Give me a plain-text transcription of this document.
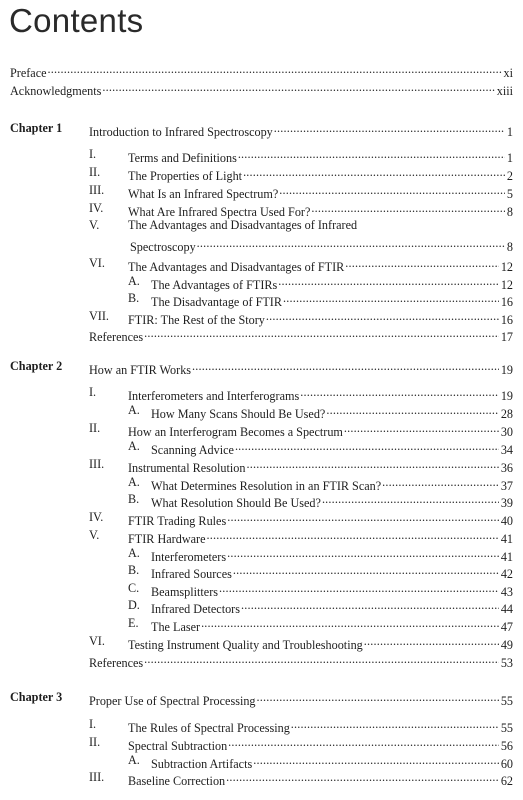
Contents
Preface .....	xi
Acknowledgments .....	xiii
Chapter 1 Introduction to Infrared Spectroscopy .....	1
I.	Terms and Definitions .....	1
II.	The Properties of Light .....	2
III.	What Is an Infrared Spectrum? .....	5
IV.	What Are Infrared Spectra Used For? .....	8
V.	The Advantages and Disadvantages of Infrared
Spectroscopy .....	8
VI.	The Advantages and Disadvantages of FTIR .....	12
A. The Advantages of FTIRs .....	12
B. The Disadvantage of FTIR .....	16
VII.	FTIR: The Rest of the Story .....	16
References .....	17
Chapter 2 How an FTIR Works .....	19
I.	Interferometers and Interferograms .....	19
A. How Many Scans Should Be Used? .....	28
II.	How an Interferogram Becomes a Spectrum .....	30
A. Scanning Advice .....	34
III.	Instrumental Resolution .....	36
A. What Determines Resolution in an FTIR Scan? .....	37
B. What Resolution Should Be Used? .....	39
IV.	FTIR Trading Rules .....	40
V.	FTIR Hardware .....	41
A. Interferometers .....	41
B. Infrared Sources .....	42
C. Beamsplitters .....	43
D. Infrared Detectors .....	44
E.	The Laser .....	47
VI.	Testing Instrument Quality and Troubleshooting .....	49
References .....	53
Chapter 3 Proper Use of Spectral Processing .....	55
I.	The Rules of Spectral Processing .....	55
II.	Spectral Subtraction .....	56
A. Subtraction Artifacts .....	60
III.	Baseline Correction .....	62
